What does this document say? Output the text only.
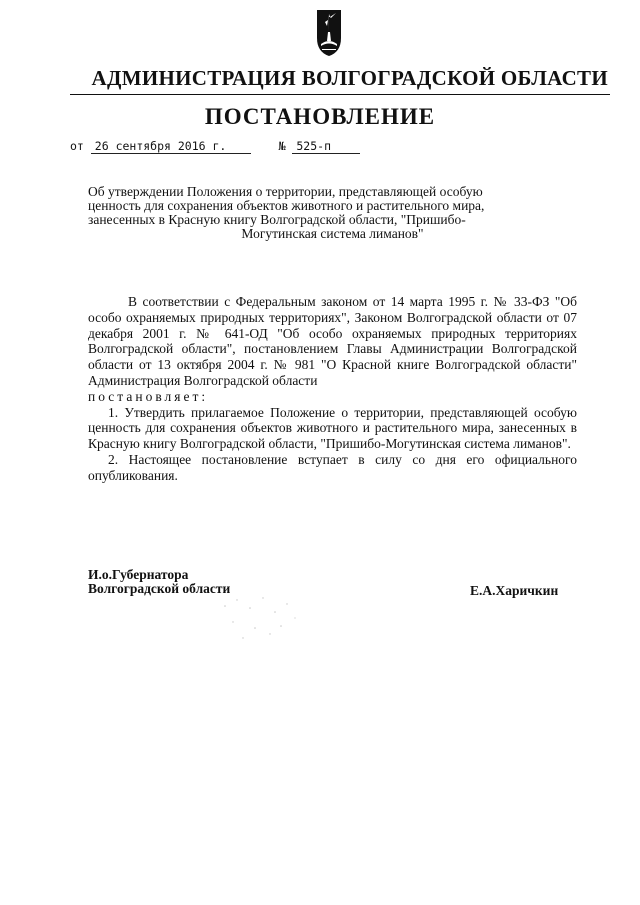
АДМИНИСТРАЦИЯ ВОЛГОГРАДСКОЙ ОБЛАСТИ
ПОСТАНОВЛЕНИЕ
от 26 сентября 2016 г.	№ 525-п
Об утверждении Положения о территории, представляющей особую
ценность для сохранения объектов животного и растительного мира,
занесенных в Красную книгу Волгоградской области, "Пришибо-
Могутинская система лиманов"

В соответствии с Федеральным законом от 14 марта 1995 г. № 33-ФЗ "Об особо охраняемых природных территориях", Законом Волгоградской области от 07 декабря 2001 г. № 641-ОД "Об особо охраняемых природных территориях Волгоградской области", постановлением Главы Администрации Волгоградской области от 13 октября 2004 г. № 981 "О Красной книге Волгоградской области" Администрация Волгоградской области

постановляет:

1. Утвердить прилагаемое Положение о территории, представляющей особую ценность для сохранения объектов животного и растительного мира, занесенных в Красную книгу Волгоградской области, "Пришибо-Могутинская система лиманов".

2. Настоящее постановление вступает в силу со дня его официального опубликования.

И.о.Губернатора
Волгоградской области	Е.А.Харичкин
